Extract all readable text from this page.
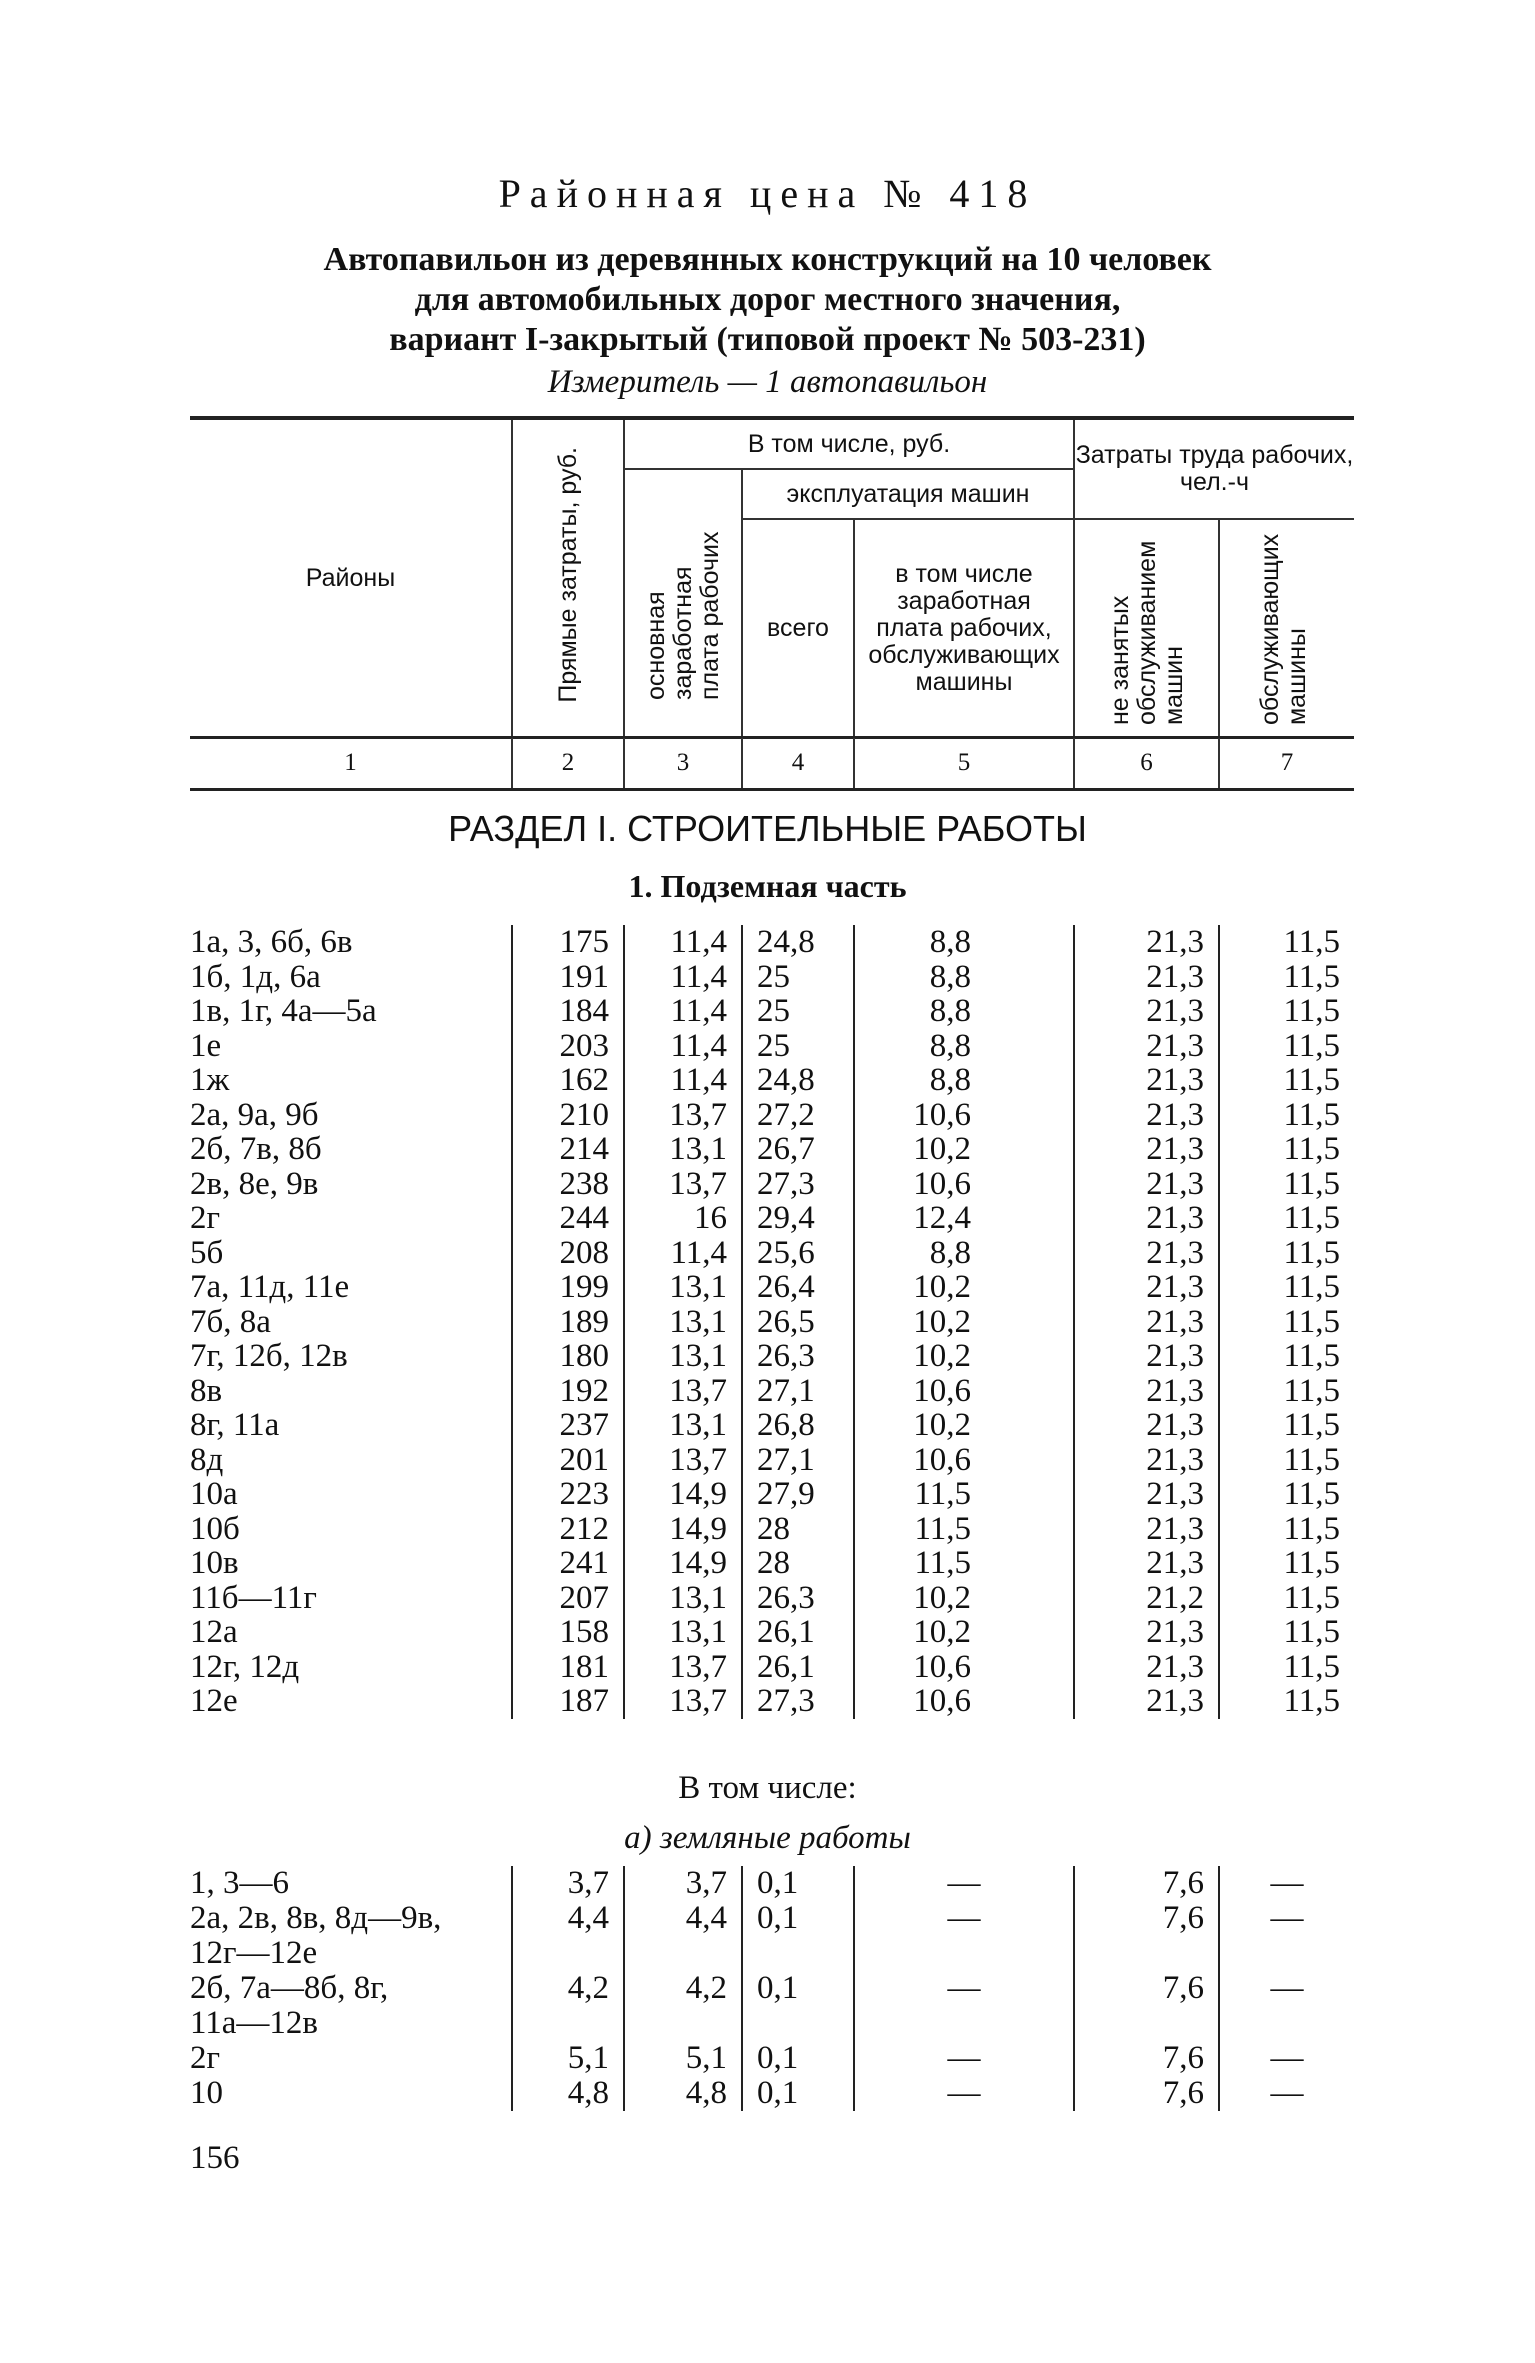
Районная цена № 418
Автопавильон из деревянных конструкций на 10 человек
для автомобильных дорог местного значения,
вариант I-закрытый (типовой проект № 503-231)
Измеритель — 1 автопавильон
Районы	Прямые затраты, руб.	В том числе, руб.			Затраты труда рабочих, чел.-ч	
		основная заработная плата рабочих	эксплуатация машин			
			всего	в том числе заработная плата рабочих, обслуживающих машины	не занятых обслуживанием машин	обслуживающих машины
1	2	3	4	5	6	7
РАЗДЕЛ I. СТРОИТЕЛЬНЫЕ РАБОТЫ
1. Подземная часть
1а, 3, 6б, 6в	175	11,4	24,8	8,8	21,3	11,5
1б, 1д, 6а	191	11,4	25	8,8	21,3	11,5
1в, 1г, 4а—5а	184	11,4	25	8,8	21,3	11,5
1е	203	11,4	25	8,8	21,3	11,5
1ж	162	11,4	24,8	8,8	21,3	11,5
2а, 9а, 9б	210	13,7	27,2	10,6	21,3	11,5
2б, 7в, 8б	214	13,1	26,7	10,2	21,3	11,5
2в, 8е, 9в	238	13,7	27,3	10,6	21,3	11,5
2г	244	16	29,4	12,4	21,3	11,5
5б	208	11,4	25,6	8,8	21,3	11,5
7а, 11д, 11е	199	13,1	26,4	10,2	21,3	11,5
7б, 8а	189	13,1	26,5	10,2	21,3	11,5
7г, 12б, 12в	180	13,1	26,3	10,2	21,3	11,5
8в	192	13,7	27,1	10,6	21,3	11,5
8г, 11а	237	13,1	26,8	10,2	21,3	11,5
8д	201	13,7	27,1	10,6	21,3	11,5
10а	223	14,9	27,9	11,5	21,3	11,5
10б	212	14,9	28	11,5	21,3	11,5
10в	241	14,9	28	11,5	21,3	11,5
11б—11г	207	13,1	26,3	10,2	21,2	11,5
12а	158	13,1	26,1	10,2	21,3	11,5
12г, 12д	181	13,7	26,1	10,6	21,3	11,5
12е	187	13,7	27,3	10,6	21,3	11,5
В том числе:
а) земляные работы
1, 3—6	3,7	3,7	0,1	—	7,6	—
2а, 2в, 8в, 8д—9в,	4,4	4,4	0,1	—	7,6	—
12г—12е						
2б, 7а—8б, 8г,	4,2	4,2	0,1	—	7,6	—
11а—12в						
2г	5,1	5,1	0,1	—	7,6	—
10	4,8	4,8	0,1	—	7,6	—
156
